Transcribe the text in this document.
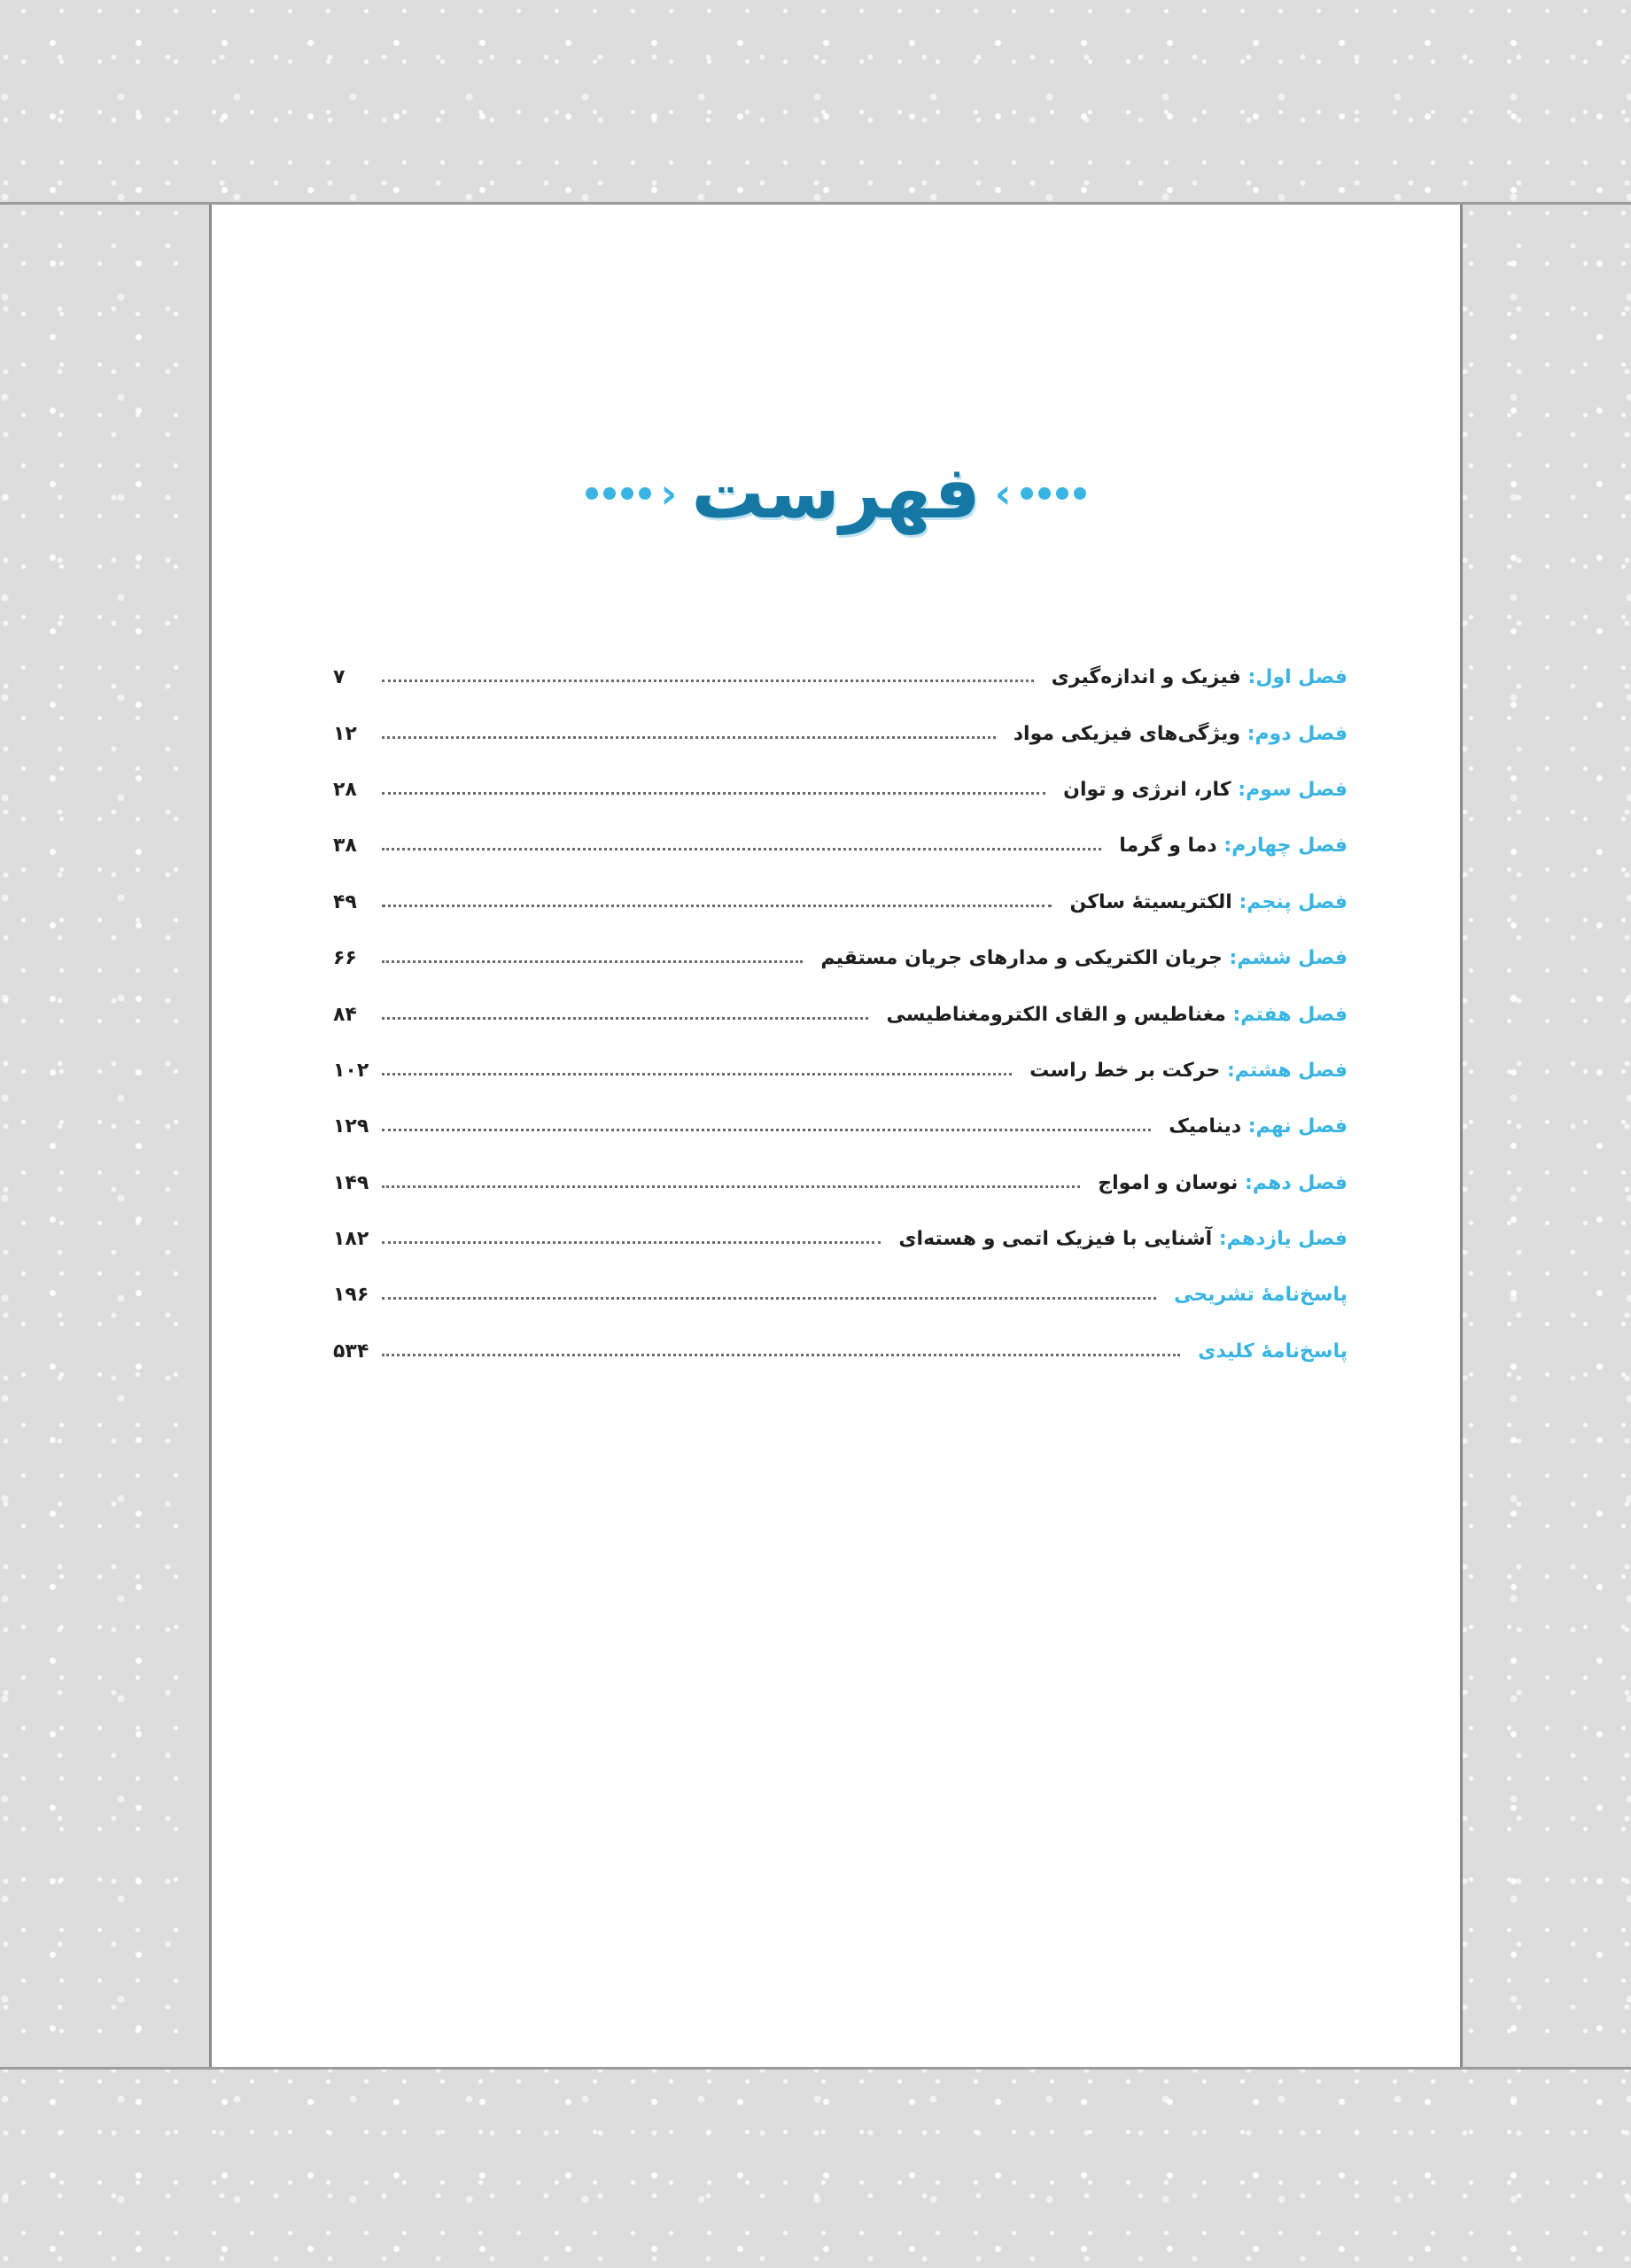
› فهرست ‹
فصل اول: فیزیک و اندازه‌گیری
۷
فصل دوم: ویژگی‌های فیزیکی مواد
۱۲
فصل سوم: کار، انرژی و توان
۲۸
فصل چهارم: دما و گرما
۳۸
فصل پنجم: الکتریسیتهٔ ساکن
۴۹
فصل ششم: جریان الکتریکی و مدارهای جریان مستقیم
۶۶
فصل هفتم: مغناطیس و القای الکترومغناطیسی
۸۴
فصل هشتم: حرکت بر خط راست
۱۰۲
فصل نهم: دینامیک
۱۲۹
فصل دهم: نوسان و امواج
۱۴۹
فصل یازدهم: آشنایی با فیزیک اتمی و هسته‌ای
۱۸۲
پاسخ‌نامهٔ تشریحی
۱۹۶
پاسخ‌نامهٔ کلیدی
۵۳۴
